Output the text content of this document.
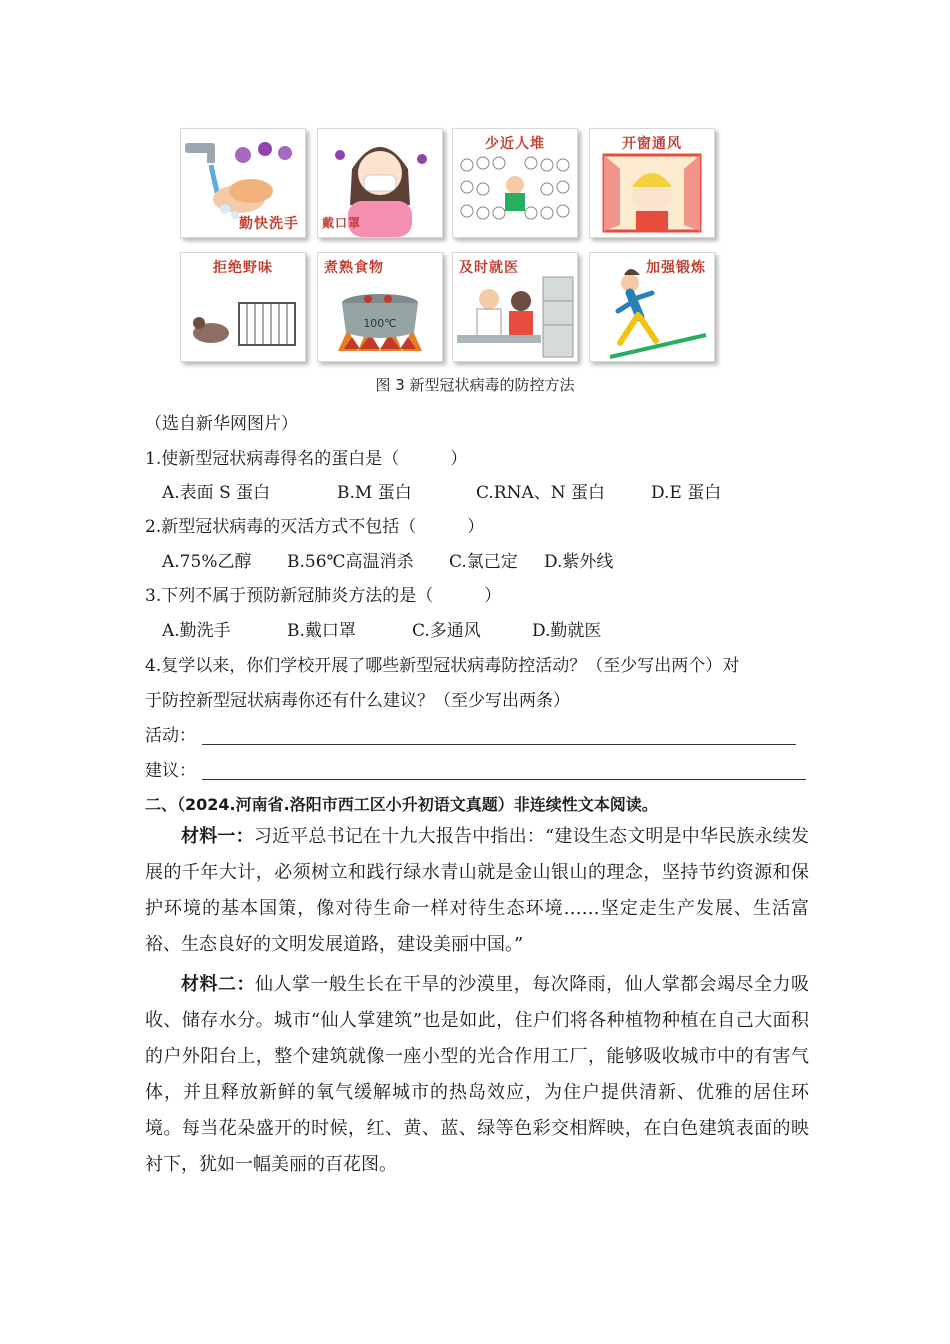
勤快洗手 戴口罩
少近人堆	开窗通风
拒绝野味
100℃
煮熟食物	及时就医	加强锻炼
图 3 新型冠状病毒的防控方法
（选自新华网图片）
1.使新型冠状病毒得名的蛋白是（　　　）
A.表面 S 蛋白	B.M 蛋白	C.RNA、N 蛋白	D.E 蛋白
2.新型冠状病毒的灭活方式不包括（　　　）
A.75%乙醇 B.56℃高温消杀 C.氯己定 D.紫外线
3.下列不属于预防新冠肺炎方法的是（　　　）
A.勤洗手	B.戴口罩	C.多通风	D.勤就医
4.复学以来，你们学校开展了哪些新型冠状病毒防控活动？（至少写出两个）对
于防控新型冠状病毒你还有什么建议？（至少写出两条）
活动：
建议：
二、（2024.河南省.洛阳市西工区小升初语文真题）非连续性文本阅读。
材料一：习近平总书记在十九大报告中指出：“建设生态文明是中华民族永续发展的千年大计，必须树立和践行绿水青山就是金山银山的理念，坚持节约资源和保护环境的基本国策，像对待生命一样对待生态环境……坚定走生产发展、生活富裕、生态良好的文明发展道路，建设美丽中国。”
材料二：仙人掌一般生长在干旱的沙漠里，每次降雨，仙人掌都会竭尽全力吸收、储存水分。城市“仙人掌建筑”也是如此，住户们将各种植物种植在自己大面积的户外阳台上，整个建筑就像一座小型的光合作用工厂，能够吸收城市中的有害气体，并且释放新鲜的氧气缓解城市的热岛效应，为住户提供清新、优雅的居住环境。每当花朵盛开的时候，红、黄、蓝、绿等色彩交相辉映，在白色建筑表面的映衬下，犹如一幅美丽的百花图。
